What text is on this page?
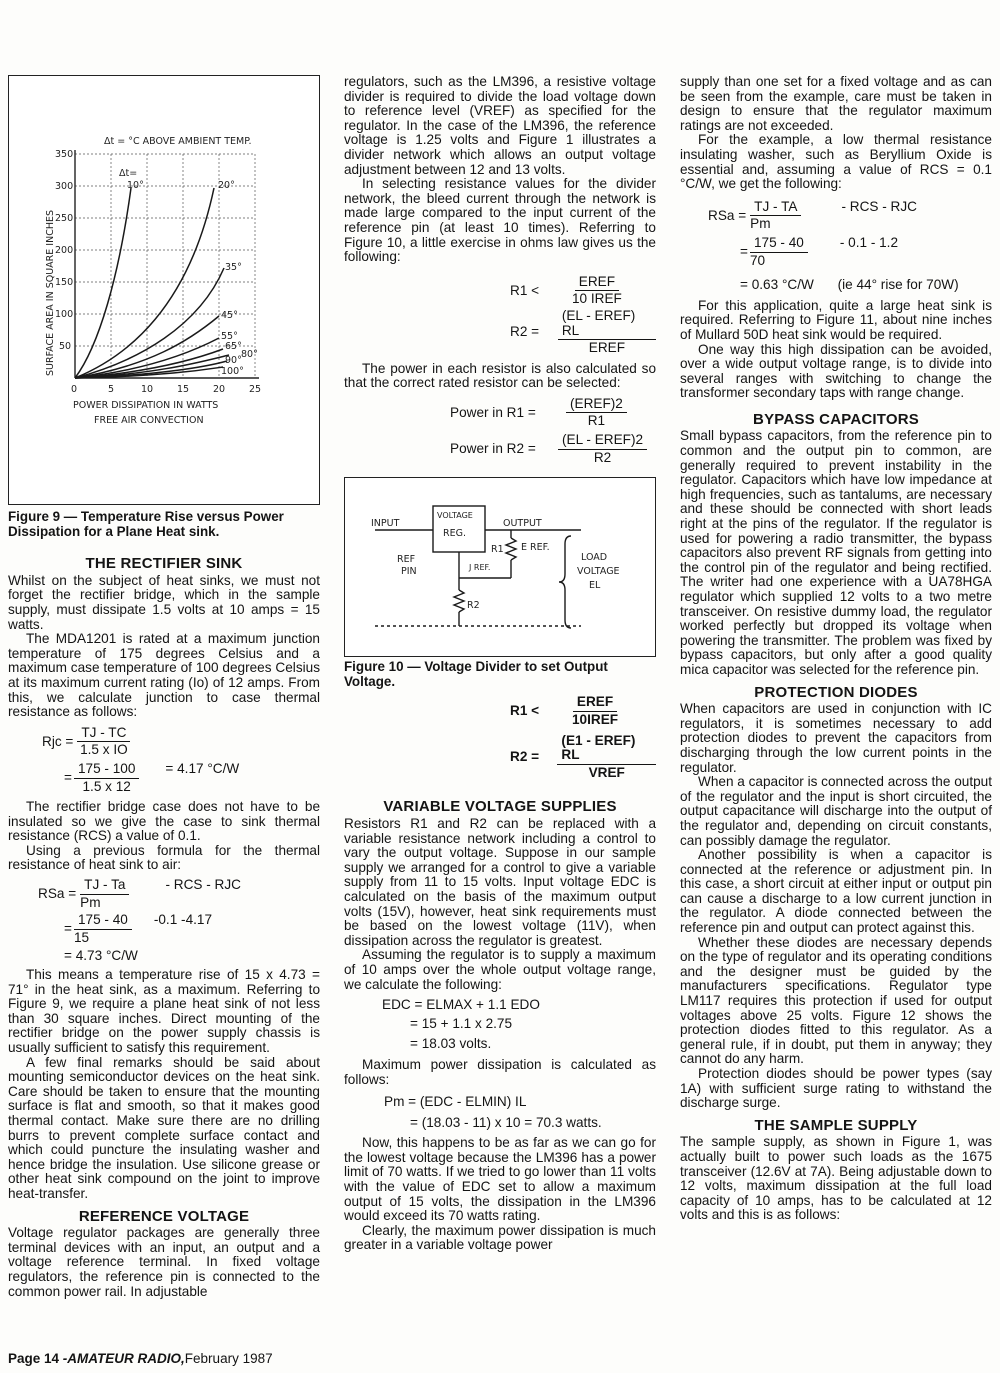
Δt = °C ABOVE AMBIENT TEMP.
Δt=
10°	20°
35°
45°
55°
65°
80°
90°
100°
350
300
250
200
150
100
50
0	5	10	15	20	25
SURFACE AREA IN SQUARE INCHES
POWER DISSIPATION IN WATTS
FREE AIR CONVECTION
Figure 9 — Temperature Rise versus Power Dissipation for a Plane Heat sink.
THE RECTIFIER SINK

Whilst on the subject of heat sinks, we must not forget the rectifier bridge, which in the sample supply, must dissipate 1.5 volts at 10 amps = 15 watts.

The MDA1201 is rated at a maximum junction temperature of 175 degrees Celsius and a maximum case temperature of 100 degrees Celsius at its maximum current rating (Io) of 12 amps. From this, we calculate junction to case thermal resistance as follows:

Rjc = $\frac{TJ - TC}{\text{1.5 x IO}}$
= $\frac{175 - 100}{1.5 x 12} = 4.17$ °C/W

The rectifier bridge case does not have to be insulated so we give the case to sink thermal resistance (RCS) a value of 0.1.

Using a previous formula for the thermal resistance of heat sink to air:

RSa = $\frac{TJ - Ta}{Pm}$	- RCS - RJC
= $\frac{175 - 40}{15} -0.1$ -4.17
= 4.73 °C/W

This means a temperature rise of 15 x 4.73 = 71° in the heat sink, as a maximum. Referring to Figure 9, we require a plane heat sink of not less than 30 square inches. Direct mounting of the rectifier bridge on the power supply chassis is usually sufficient to satisfy this requirement.

A few final remarks should be said about mounting semiconductor devices on the heat sink. Care should be taken to ensure that the mounting surface is flat and smooth, so that it makes good thermal contact. Make sure there are no drilling burrs to prevent complete surface contact and which could puncture the insulating washer and hence bridge the insulation. Use silicone grease or other heat sink compound on the joint to improve heat-transfer.

REFERENCE VOLTAGE

Voltage regulator packages are generally three terminal devices with an input, an output and a voltage reference terminal. In fixed voltage regulators, the reference pin is connected to the common power rail. In adjustable

regulators, such as the LM396, a resistive voltage divider is required to divide the load voltage down to reference level (VREF) as specified for the regulator. In the case of the LM396, the reference voltage is 1.25 volts and Figure 1 illustrates a divider network which allows an output voltage adjustment between 12 and 13 volts.

In selecting resistance values for the divider network, the bleed current through the network is made large compared to the input current of the reference pin (at least 10 times). Referring to Figure 10, a little exercise in ohms law gives us the following:

R1 <	$\frac{\text{EREF}}{\text{10 IREF}}$
R2 =	$\frac{\text{(EL - EREF) RL}}{\text{EREF}}$

The power in each resistor is also calculated so that the correct rated resistor can be selected:

Power in R1 =	$\frac{\text{(EREF)2}}{R1}$
Power in R2 =	$\frac{\text{(EL - EREF)2}}{R2}$
INPUT	OUTPUT
VOLTAGE
REG.
REF
PIN
R1 E REF.
J REF.
R2
LOAD
VOLTAGE
EL
Figure 10 — Voltage Divider to set Output Voltage.
R1 <	$\frac{\text{EREF}}{\text{10IREF}}$
R2 =	$\frac{\text{(E1 - EREF) RL}}{\text{VREF}}$
VARIABLE VOLTAGE SUPPLIES

Resistors R1 and R2 can be replaced with a variable resistance network including a control to vary the output voltage. Suppose in our sample supply we arranged for a control to give a variable supply from 11 to 15 volts. Input voltage EDC is calculated on the basis of the maximum output volts (15V), however, heat sink requirements must be based on the lowest voltage (11V), when dissipation across the regulator is greatest.

Assuming the regulator is to supply a maximum of 10 amps over the whole output voltage range, we calculate the following:

EDC = ELMAX + 1.1 EDO
= 15 + 1.1 x 2.75
= 18.03 volts.

Maximum power dissipation is calculated as follows:

Pm = (EDC - ELMIN) IL
= (18.03 - 11) x 10 = 70.3 watts.

Now, this happens to be as far as we can go for the lowest voltage because the LM396 has a power limit of 70 watts. If we tried to go lower than 11 volts with the value of EDC set to allow a maximum output of 15 volts, the dissipation in the LM396 would exceed its 70 watts rating.

Clearly, the maximum power dissipation is much greater in a variable voltage power

supply than one set for a fixed voltage and as can be seen from the example, care must be taken in design to ensure that the regulator maximum ratings are not exceeded.

For the example, a low thermal resistance insulating washer, such as Beryllium Oxide is essential and, assuming a value of RCS = 0.1 °C/W, we get the following:

RSa = $\frac{TJ - TA}{Pm}$	- RCS - RJC
= $\frac{175 - 40}{70} - 0.1 - 1.2$
= 0.63 °C/W (ie 44° rise for 70W)

For this application, quite a large heat sink is required. Referring to Figure 11, about nine inches of Mullard 50D heat sink would be required.

One way this high dissipation can be avoided, over a wide output voltage range, is to divide into several ranges with switching to change the transformer secondary taps with range change.

BYPASS CAPACITORS

Small bypass capacitors, from the reference pin to common and the output pin to common, are generally required to prevent instability in the regulator. Capacitors which have low impedance at high frequencies, such as tantalums, are necessary and these should be connected with short leads right at the pins of the regulator. If the regulator is used for powering a radio transmitter, the bypass capacitors also prevent RF signals from getting into the control pin of the regulator and being rectified. The writer had one experience with a UA78HGA regulator which supplied 12 volts to a two metre transceiver. On resistive dummy load, the regulator worked perfectly but dropped its voltage when powering the transmitter. The problem was fixed by bypass capacitors, but only after a good quality mica capacitor was selected for the reference pin.

PROTECTION DIODES

When capacitors are used in conjunction with IC regulators, it is sometimes necessary to add protection diodes to prevent the capacitors from discharging through the low current points in the regulator.

When a capacitor is connected across the output of the regulator and the input is short circuited, the output capacitance will discharge into the output of the regulator and, depending on circuit constants, can possibly damage the regulator.

Another possibility is when a capacitor is connected at the reference or adjustment pin. In this case, a short circuit at either input or output pin can cause a discharge to a low current junction in the regulator. A diode connected between the reference pin and output can protect against this.

Whether these diodes are necessary depends on the type of regulator and its operating conditions and the designer must be guided by the manufacturers specifications. Regulator type LM117 requires this protection if used for output voltages above 25 volts. Figure 12 shows the protection diodes fitted to this regulator. As a general rule, if in doubt, put them in anyway; they cannot do any harm.

Protection diodes should be power types (say 1A) with sufficient surge rating to withstand the discharge surge.

THE SAMPLE SUPPLY

The sample supply, as shown in Figure 1, was actually built to power such loads as the 1675 transceiver (12.6V at 7A). Being adjustable down to 12 volts, maximum dissipation at the full load capacity of 10 amps, has to be calculated at 12 volts and this is as follows:

Page 14 -AMATEUR RADIO,February 1987
